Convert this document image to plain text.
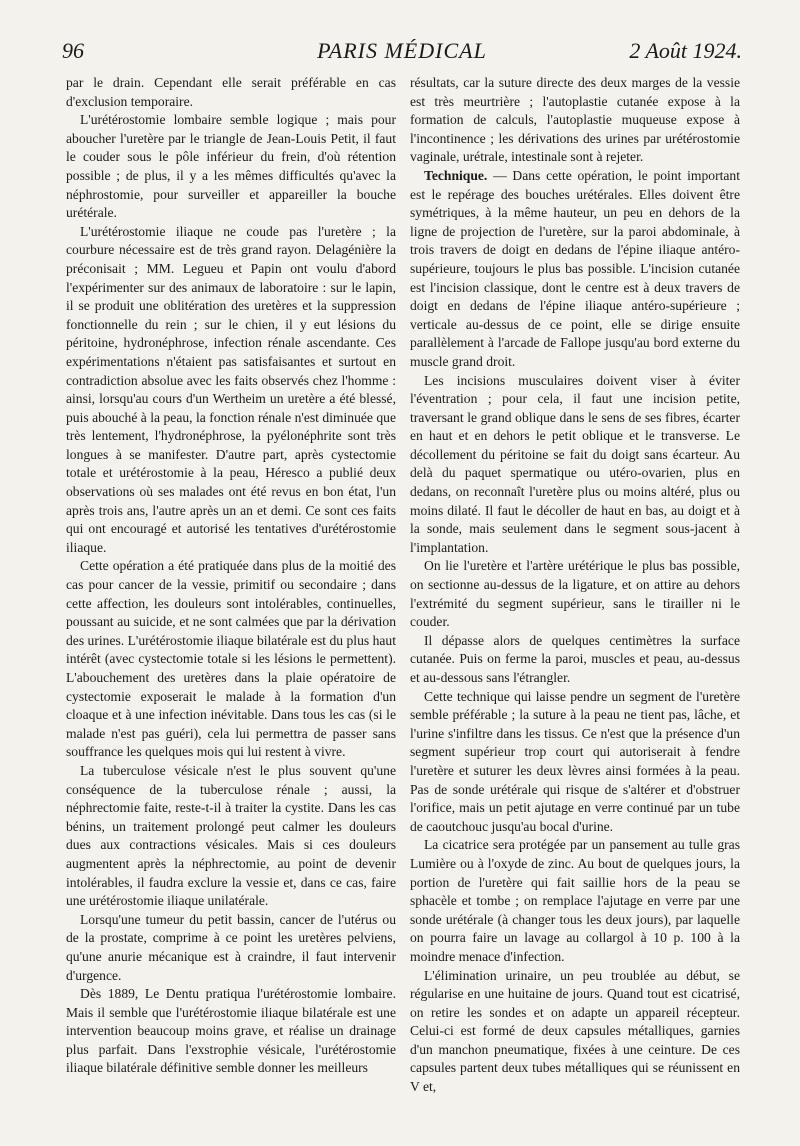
96	PARIS MÉDICAL	2 Août 1924.

par le drain. Cependant elle serait préférable en cas d'exclusion temporaire.

L'urétérostomie lombaire semble logique ; mais pour aboucher l'uretère par le triangle de Jean-Louis Petit, il faut le couder sous le pôle inférieur du frein, d'où rétention possible ; de plus, il y a les mêmes difficultés qu'avec la néphrostomie, pour surveiller et appareiller la bouche urétérale.

L'urétérostomie iliaque ne coude pas l'uretère ; la courbure nécessaire est de très grand rayon. Delagénière la préconisait ; MM. Legueu et Papin ont voulu d'abord l'expérimenter sur des animaux de laboratoire : sur le lapin, il se produit une oblitération des uretères et la suppression fonctionnelle du rein ; sur le chien, il y eut lésions du péritoine, hydronéphrose, infection rénale ascendante. Ces expérimentations n'étaient pas satisfaisantes et surtout en contradiction absolue avec les faits observés chez l'homme : ainsi, lorsqu'au cours d'un Wertheim un uretère a été blessé, puis abouché à la peau, la fonction rénale n'est diminuée que très lentement, l'hydronéphrose, la pyélonéphrite sont très longues à se manifester. D'autre part, après cystectomie totale et urétérostomie à la peau, Héresco a publié deux observations où ses malades ont été revus en bon état, l'un après trois ans, l'autre après un an et demi. Ce sont ces faits qui ont encouragé et autorisé les tentatives d'urétérostomie iliaque.

Cette opération a été pratiquée dans plus de la moitié des cas pour cancer de la vessie, primitif ou secondaire ; dans cette affection, les douleurs sont intolérables, continuelles, poussant au suicide, et ne sont calmées que par la dérivation des urines. L'urétérostomie iliaque bilatérale est du plus haut intérêt (avec cystectomie totale si les lésions le permettent). L'abouchement des uretères dans la plaie opératoire de cystectomie exposerait le malade à la formation d'un cloaque et à une infection inévitable. Dans tous les cas (si le malade n'est pas guéri), cela lui permettra de passer sans souffrance les quelques mois qui lui restent à vivre.

La tuberculose vésicale n'est le plus souvent qu'une conséquence de la tuberculose rénale ; aussi, la néphrectomie faite, reste-t-il à traiter la cystite. Dans les cas bénins, un traitement prolongé peut calmer les douleurs dues aux contractions vésicales. Mais si ces douleurs augmentent après la néphrectomie, au point de devenir intolérables, il faudra exclure la vessie et, dans ce cas, faire une urétérostomie iliaque unilatérale.

Lorsqu'une tumeur du petit bassin, cancer de l'utérus ou de la prostate, comprime à ce point les uretères pelviens, qu'une anurie mécanique est à craindre, il faut intervenir d'urgence.

Dès 1889, Le Dentu pratiqua l'urétérostomie lombaire. Mais il semble que l'urétérostomie iliaque bilatérale est une intervention beaucoup moins grave, et réalise un drainage plus parfait. Dans l'exstrophie vésicale, l'urétérostomie iliaque bilatérale définitive semble donner les meilleurs

résultats, car la suture directe des deux marges de la vessie est très meurtrière ; l'autoplastie cutanée expose à la formation de calculs, l'autoplastie muqueuse expose à l'incontinence ; les dérivations des urines par urétérostomie vaginale, urétrale, intestinale sont à rejeter.

Technique. — Dans cette opération, le point important est le repérage des bouches urétérales. Elles doivent être symétriques, à la même hauteur, un peu en dehors de la ligne de projection de l'uretère, sur la paroi abdominale, à trois travers de doigt en dedans de l'épine iliaque antéro-supérieure, toujours le plus bas possible. L'incision cutanée est l'incision classique, dont le centre est à deux travers de doigt en dedans de l'épine iliaque antéro-supérieure ; verticale au-dessus de ce point, elle se dirige ensuite parallèlement à l'arcade de Fallope jusqu'au bord externe du muscle grand droit.

Les incisions musculaires doivent viser à éviter l'éventration ; pour cela, il faut une incision petite, traversant le grand oblique dans le sens de ses fibres, écarter en haut et en dehors le petit oblique et le transverse. Le décollement du péritoine se fait du doigt sans écarteur. Au delà du paquet spermatique ou utéro-ovarien, plus en dedans, on reconnaît l'uretère plus ou moins altéré, plus ou moins dilaté. Il faut le décoller de haut en bas, au doigt et à la sonde, mais seulement dans le segment sous-jacent à l'implantation.

On lie l'uretère et l'artère urétérique le plus bas possible, on sectionne au-dessus de la ligature, et on attire au dehors l'extrémité du segment supérieur, sans le tirailler ni le couder.

Il dépasse alors de quelques centimètres la surface cutanée. Puis on ferme la paroi, muscles et peau, au-dessus et au-dessous sans l'étrangler.

Cette technique qui laisse pendre un segment de l'uretère semble préférable ; la suture à la peau ne tient pas, lâche, et l'urine s'infiltre dans les tissus. Ce n'est que la présence d'un segment supérieur trop court qui autoriserait à fendre l'uretère et suturer les deux lèvres ainsi formées à la peau. Pas de sonde urétérale qui risque de s'altérer et d'obstruer l'orifice, mais un petit ajutage en verre continué par un tube de caoutchouc jusqu'au bocal d'urine.

La cicatrice sera protégée par un pansement au tulle gras Lumière ou à l'oxyde de zinc. Au bout de quelques jours, la portion de l'uretère qui fait saillie hors de la peau se sphacèle et tombe ; on remplace l'ajutage en verre par une sonde urétérale (à changer tous les deux jours), par laquelle on pourra faire un lavage au collargol à 10 p. 100 à la moindre menace d'infection.

L'élimination urinaire, un peu troublée au début, se régularise en une huitaine de jours. Quand tout est cicatrisé, on retire les sondes et on adapte un appareil récepteur. Celui-ci est formé de deux capsules métalliques, garnies d'un manchon pneumatique, fixées à une ceinture. De ces capsules partent deux tubes métalliques qui se réunissent en V et,
